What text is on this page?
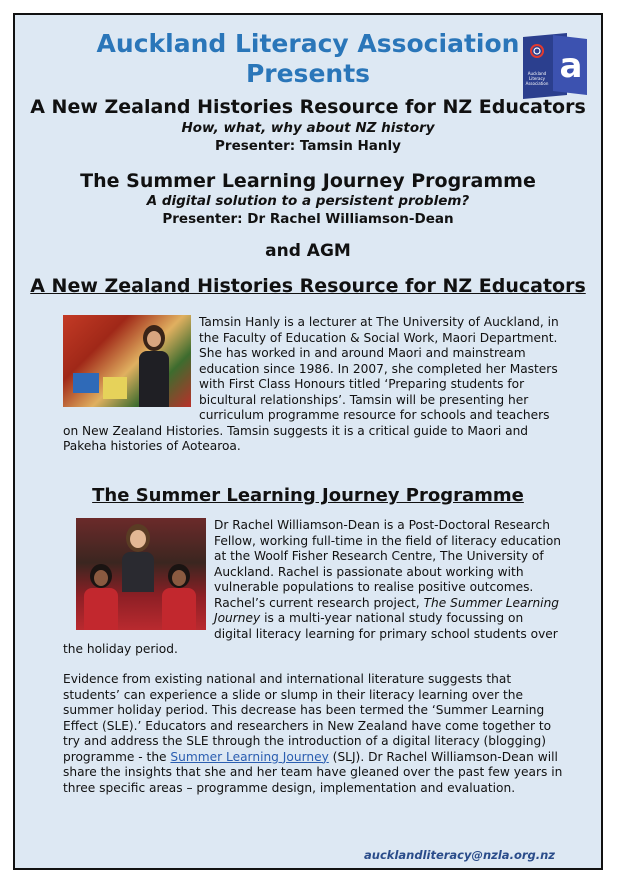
Auckland Literacy Association
Presents	a
Auckland Literacy Association
A New Zealand Histories Resource for NZ Educators
How, what, why about NZ history
Presenter: Tamsin Hanly
The Summer Learning Journey Programme
A digital solution to a persistent problem?
Presenter: Dr Rachel Williamson-Dean
and AGM
A New Zealand Histories Resource for NZ Educators
Tamsin Hanly is a lecturer at The University of Auckland, in the Faculty of Education & Social Work, Maori Department. She has worked in and around Maori and mainstream education since 1986. In 2007, she completed her Masters with First Class Honours titled ‘Preparing students for bicultural relationships’. Tamsin will be presenting her curriculum programme resource for schools and teachers on New Zealand Histories. Tamsin suggests it is a critical guide to Maori and Pakeha histories of Aotearoa.
The Summer Learning Journey Programme
Dr Rachel Williamson-Dean is a Post-Doctoral Research Fellow, working full-time in the field of literacy education at the Woolf Fisher Research Centre, The University of Auckland. Rachel is passionate about working with vulnerable populations to realise positive outcomes. Rachel’s current research project, The Summer Learning Journey is a multi-year national study focussing on digital literacy learning for primary school students over the holiday period.
Evidence from existing national and international literature suggests that students’ can experience a slide or slump in their literacy learning over the summer holiday period. This decrease has been termed the ‘Summer Learning Effect (SLE).’ Educators and researchers in New Zealand have come together to try and address the SLE through the introduction of a digital literacy (blogging) programme - the Summer Learning Journey (SLJ). Dr Rachel Williamson-Dean will share the insights that she and her team have gleaned over the past few years in three specific areas – programme design, implementation and evaluation.
aucklandliteracy@nzla.org.nz
